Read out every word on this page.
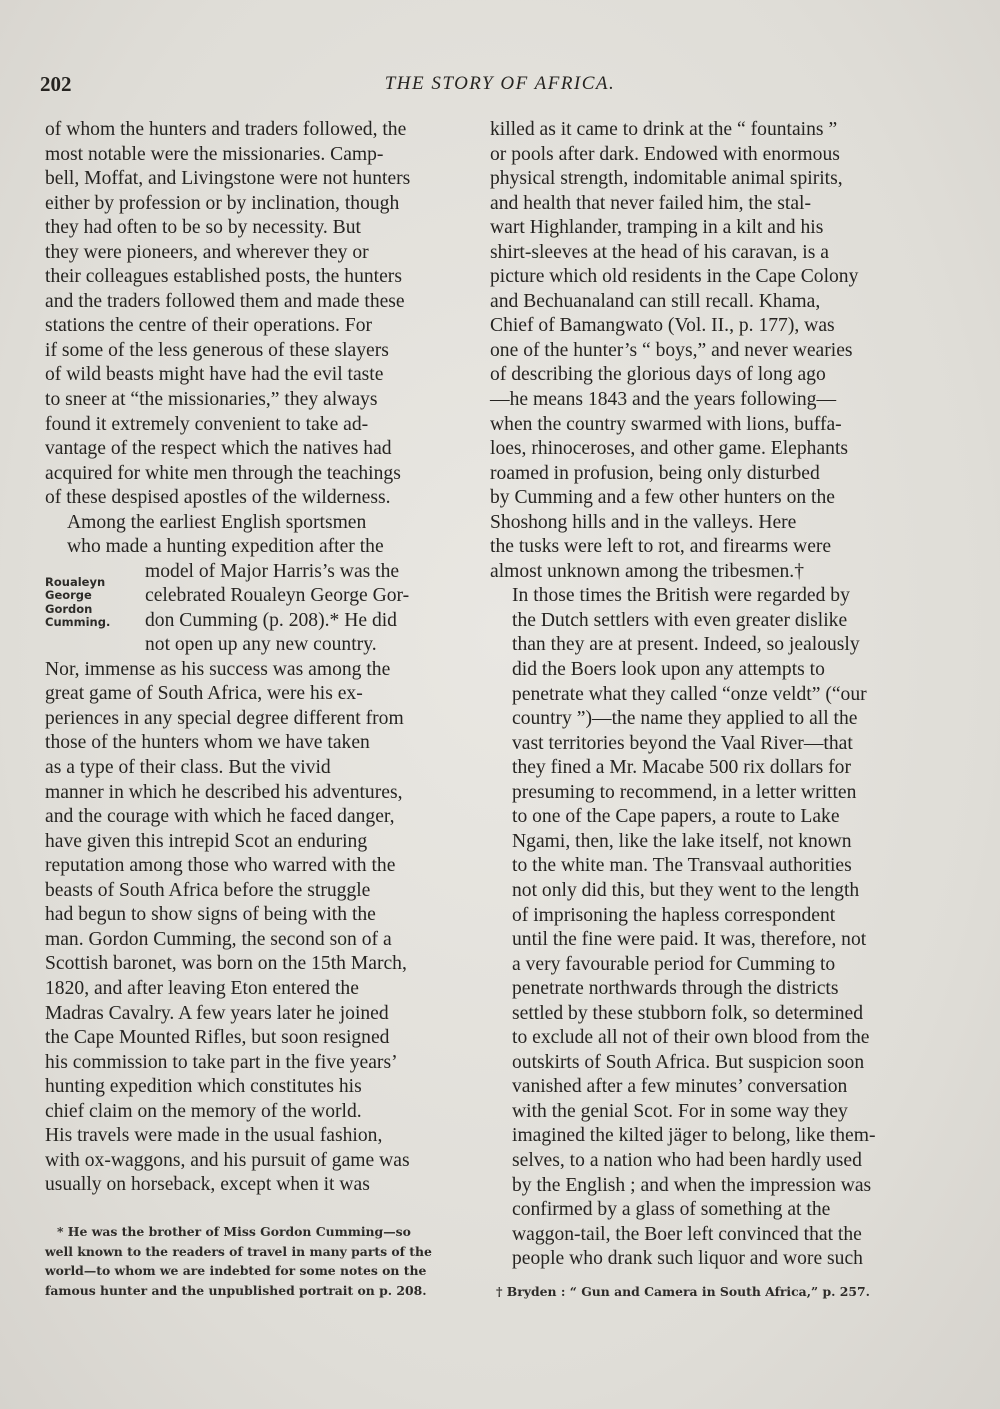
202	THE STORY OF AFRICA.

of whom the hunters and traders followed, the
most notable were the missionaries. Camp-
bell, Moffat, and Livingstone were not hunters
either by profession or by inclination, though
they had often to be so by necessity. But
they were pioneers, and wherever they or
their colleagues established posts, the hunters
and the traders followed them and made these
stations the centre of their operations. For
if some of the less generous of these slayers
of wild beasts might have had the evil taste
to sneer at “the missionaries,” they always
found it extremely convenient to take ad-
vantage of the respect which the natives had
acquired for white men through the teachings
of these despised apostles of the wilderness.

Among the earliest English sportsmen
who made a hunting expedition after the

Roualeyn
George
Gordon
Cumming.
model of Major Harris’s was the
celebrated Roualeyn George Gor-
don Cumming (p. 208).* He did
not open up any new country.

Nor, immense as his success was among the
great game of South Africa, were his ex-
periences in any special degree different from
those of the hunters whom we have taken
as a type of their class. But the vivid
manner in which he described his adventures,
and the courage with which he faced danger,
have given this intrepid Scot an enduring
reputation among those who warred with the
beasts of South Africa before the struggle
had begun to show signs of being with the
man. Gordon Cumming, the second son of a
Scottish baronet, was born on the 15th March,
1820, and after leaving Eton entered the
Madras Cavalry. A few years later he joined
the Cape Mounted Rifles, but soon resigned
his commission to take part in the five years’
hunting expedition which constitutes his
chief claim on the memory of the world.
His travels were made in the usual fashion,
with ox-waggons, and his pursuit of game was
usually on horseback, except when it was

killed as it came to drink at the “ fountains ”
or pools after dark. Endowed with enormous
physical strength, indomitable animal spirits,
and health that never failed him, the stal-
wart Highlander, tramping in a kilt and his
shirt-sleeves at the head of his caravan, is a
picture which old residents in the Cape Colony
and Bechuanaland can still recall. Khama,
Chief of Bamangwato (Vol. II., p. 177), was
one of the hunter’s “ boys,” and never wearies
of describing the glorious days of long ago
—he means 1843 and the years following—
when the country swarmed with lions, buffa-
loes, rhinoceroses, and other game. Elephants
roamed in profusion, being only disturbed
by Cumming and a few other hunters on the
Shoshong hills and in the valleys. Here
the tusks were left to rot, and firearms were
almost unknown among the tribesmen.†

In those times the British were regarded by
the Dutch settlers with even greater dislike
than they are at present. Indeed, so jealously
did the Boers look upon any attempts to
penetrate what they called “onze veldt” (“our
country ”)—the name they applied to all the
vast territories beyond the Vaal River—that
they fined a Mr. Macabe 500 rix dollars for
presuming to recommend, in a letter written
to one of the Cape papers, a route to Lake
Ngami, then, like the lake itself, not known
to the white man. The Transvaal authorities
not only did this, but they went to the length
of imprisoning the hapless correspondent
until the fine were paid. It was, therefore, not
a very favourable period for Cumming to
penetrate northwards through the districts
settled by these stubborn folk, so determined
to exclude all not of their own blood from the
outskirts of South Africa. But suspicion soon
vanished after a few minutes’ conversation
with the genial Scot. For in some way they
imagined the kilted jäger to belong, like them-
selves, to a nation who had been hardly used
by the English ; and when the impression was
confirmed by a glass of something at the
waggon-tail, the Boer left convinced that the
people who drank such liquor and wore such

* He was the brother of Miss Gordon Cumming—so
well known to the readers of travel in many parts of the
world—to whom we are indebted for some notes on the
famous hunter and the unpublished portrait on p. 208.	† Bryden : “ Gun and Camera in South Africa,” p. 257.
